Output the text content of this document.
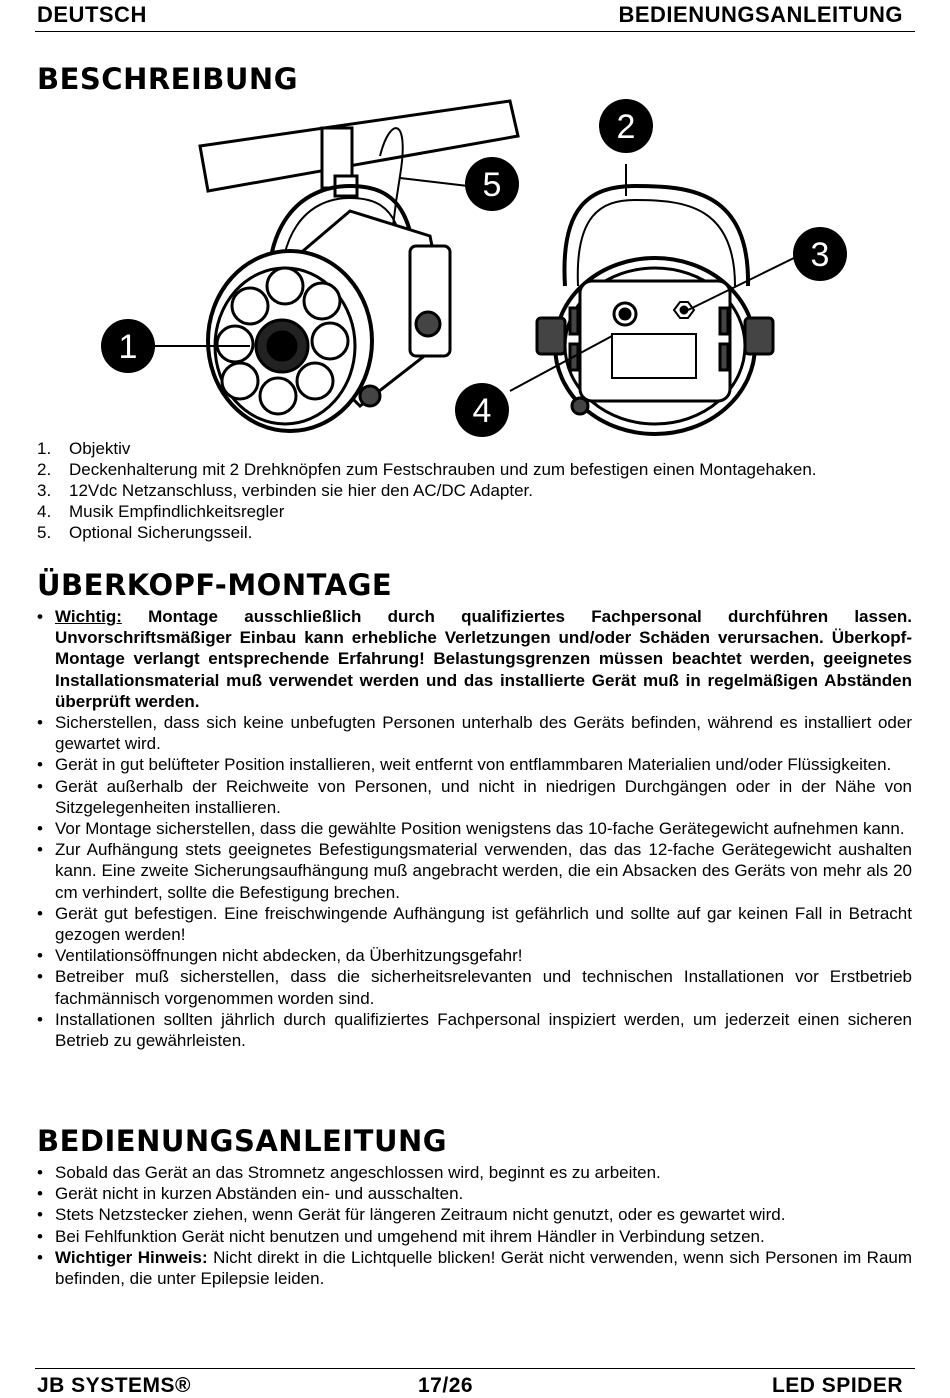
DEUTSCH	BEDIENUNGSANLEITUNG
BESCHREIBUNG
1
5
2
3
4
1. Objektiv
2. Deckenhalterung mit 2 Drehknöpfen zum Festschrauben und zum befestigen einen Montagehaken.
3. 12Vdc Netzanschluss, verbinden sie hier den AC/DC Adapter.
4. Musik Empfindlichkeitsregler
5. Optional Sicherungsseil.
ÜBERKOPF-MONTAGE
• Wichtig: Montage ausschließlich durch qualifiziertes Fachpersonal durchführen lassen. Unvorschriftsmäßiger Einbau kann erhebliche Verletzungen und/oder Schäden verursachen. Überkopf-Montage verlangt entsprechende Erfahrung! Belastungsgrenzen müssen beachtet werden, geeignetes Installationsmaterial muß verwendet werden und das installierte Gerät muß in regelmäßigen Abständen überprüft werden.
• Sicherstellen, dass sich keine unbefugten Personen unterhalb des Geräts befinden, während es installiert oder gewartet wird.
• Gerät in gut belüfteter Position installieren, weit entfernt von entflammbaren Materialien und/oder Flüssigkeiten.
• Gerät außerhalb der Reichweite von Personen, und nicht in niedrigen Durchgängen oder in der Nähe von Sitzgelegenheiten installieren.
• Vor Montage sicherstellen, dass die gewählte Position wenigstens das 10-fache Gerätegewicht aufnehmen kann.
• Zur Aufhängung stets geeignetes Befestigungsmaterial verwenden, das das 12-fache Gerätegewicht aushalten kann. Eine zweite Sicherungsaufhängung muß angebracht werden, die ein Absacken des Geräts von mehr als 20 cm verhindert, sollte die Befestigung brechen.
• Gerät gut befestigen. Eine freischwingende Aufhängung ist gefährlich und sollte auf gar keinen Fall in Betracht gezogen werden!
• Ventilationsöffnungen nicht abdecken, da Überhitzungsgefahr!
• Betreiber muß sicherstellen, dass die sicherheitsrelevanten und technischen Installationen vor Erstbetrieb fachmännisch vorgenommen worden sind.
• Installationen sollten jährlich durch qualifiziertes Fachpersonal inspiziert werden, um jederzeit einen sicheren Betrieb zu gewährleisten.
BEDIENUNGSANLEITUNG
• Sobald das Gerät an das Stromnetz angeschlossen wird, beginnt es zu arbeiten.
• Gerät nicht in kurzen Abständen ein- und ausschalten.
• Stets Netzstecker ziehen, wenn Gerät für längeren Zeitraum nicht genutzt, oder es gewartet wird.
• Bei Fehlfunktion Gerät nicht benutzen und umgehend mit ihrem Händler in Verbindung setzen.
• Wichtiger Hinweis: Nicht direkt in die Lichtquelle blicken! Gerät nicht verwenden, wenn sich Personen im Raum befinden, die unter Epilepsie leiden.
JB SYSTEMS®	17/26	LED SPIDER
